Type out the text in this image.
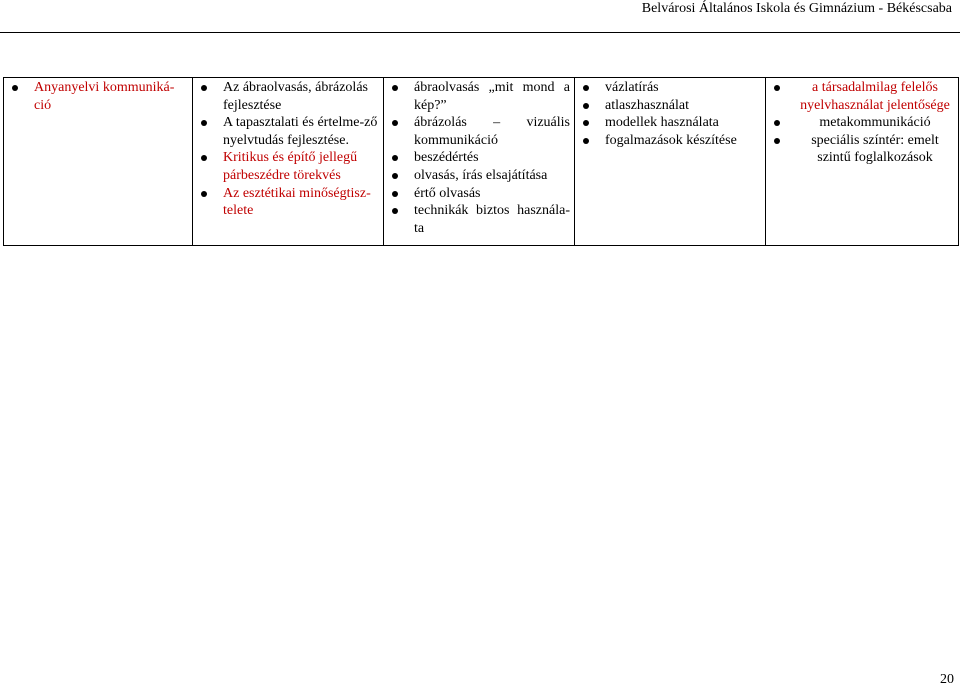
Belvárosi Általános Iskola és Gimnázium - Békéscsaba
Anyanyelvi kommuniká-ció

Az ábraolvasás, ábrázolás fejlesztése
A tapasztalati és értelme-ző nyelvtudás fejlesztése.
Kritikus és építő jellegű párbeszédre törekvés
Az esztétikai minőségtisz-telete

ábraolvasás „mit mond a kép?”
ábrázolás – vizuális kommunikáció
beszédértés
olvasás, írás elsajátítása
értő olvasás
technikák biztos használa-ta

vázlatírás
atlaszhasználat
modellek használata
fogalmazások készítése

a társadalmilag felelős nyelvhasználat jelentősége
metakommunikáció
speciális színtér: emelt szintű foglalkozások
20
